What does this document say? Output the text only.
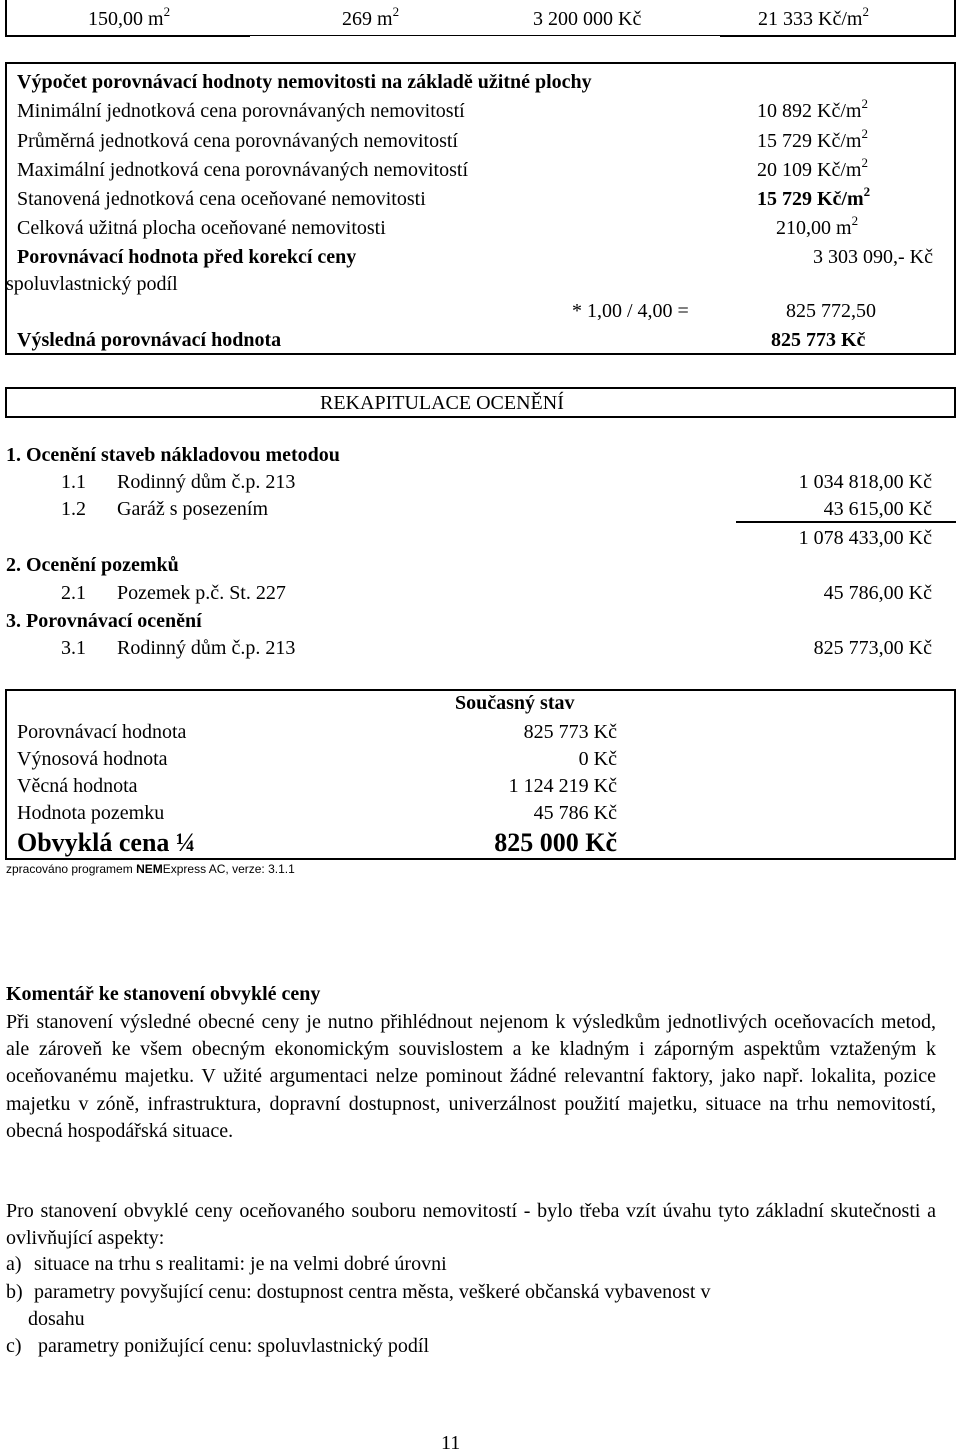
150,00 $m^2$	269 $m^2$	3 200 000 Kč	21 333 $Kč/m^2$
Výpočet porovnávací hodnoty nemovitosti na základě užitné plochy
Minimální jednotková cena porovnávaných nemovitostí	10 892 $Kč/m^2$
Průměrná jednotková cena porovnávaných nemovitostí	15 729 $Kč/m^2$
Maximální jednotková cena porovnávaných nemovitostí	20 109 $Kč/m^2$
Stanovená jednotková cena oceňované nemovitosti	15 729 $Kč/m^2$
Celková užitná plocha oceňované nemovitosti	210,00 $m^2$
Porovnávací hodnota před korekcí ceny	3 303 090,- Kč
spoluvlastnický podíl
* 1,00 / 4,00 =	825 772,50
Výsledná porovnávací hodnota	825 773 Kč
REKAPITULACE OCENĚNÍ
1. Ocenění staveb nákladovou metodou
1.1 Rodinný dům č.p. 213	1 034 818,00 Kč
1.2 Garáž s posezením	43 615,00 Kč
1 078 433,00 Kč
2. Ocenění pozemků
2.1 Pozemek p.č. St. 227	45 786,00 Kč
3. Porovnávací ocenění
3.1 Rodinný dům č.p. 213	825 773,00 Kč
Současný stav
Porovnávací hodnota	825 773 Kč
Výnosová hodnota	0 Kč
Věcná hodnota	1 124 219 Kč
Hodnota pozemku	45 786 Kč
Obvyklá cena ¼	825 000 Kč
zpracováno programem NEMExpress AC, verze: 3.1.1
Komentář ke stanovení obvyklé ceny
Při stanovení výsledné obecné ceny je nutno přihlédnout nejenom k výsledkům jednotlivých oceňovacích metod, ale zároveň ke všem obecným ekonomickým souvislostem a ke kladným i záporným aspektům vztaženým k oceňovanému majetku. V užité argumentaci nelze pominout žádné relevantní faktory, jako např. lokalita, pozice majetku v zóně, infrastruktura, dopravní dostupnost, univerzálnost použití majetku, situace na trhu nemovitostí, obecná hospodářská situace.
Pro stanovení obvyklé ceny oceňovaného souboru nemovitostí - bylo třeba vzít úvahu tyto základní skutečnosti a ovlivňující aspekty:
a) situace na trhu s realitami: je na velmi dobré úrovni
b) parametry povyšující cenu: dostupnost centra města, veškeré občanská vybavenost v
dosahu
c) parametry ponižující cenu: spoluvlastnický podíl
11
